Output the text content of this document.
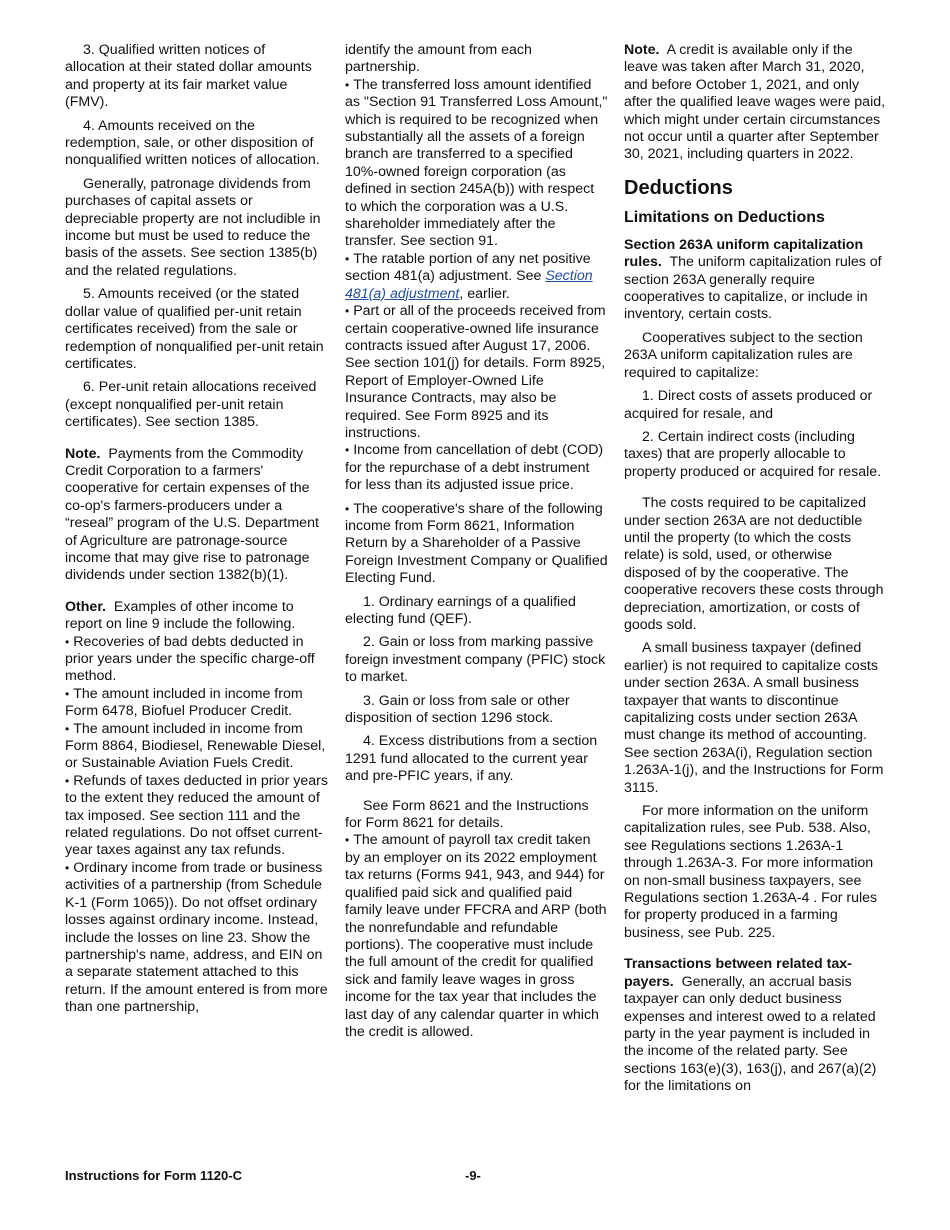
3. Qualified written notices of allocation at their stated dollar amounts and property at its fair market value (FMV).

4. Amounts received on the redemption, sale, or other disposition of nonqualified written notices of allocation.

Generally, patronage dividends from purchases of capital assets or depreciable property are not includible in income but must be used to reduce the basis of the assets. See section 1385(b) and the related regulations.

5. Amounts received (or the stated dollar value of qualified per-unit retain certificates received) from the sale or redemption of nonqualified per-unit retain certificates.

6. Per-unit retain allocations received (except nonqualified per-unit retain certificates). See section 1385.

Note. Payments from the Commodity Credit Corporation to a farmers' cooperative for certain expenses of the co-op's farmers-producers under a “reseal” program of the U.S. Department of Agriculture are patronage-source income that may give rise to patronage dividends under section 1382(b)(1).

Other. Examples of other income to report on line 9 include the following.

• Recoveries of bad debts deducted in prior years under the specific charge-off method.

• The amount included in income from Form 6478, Biofuel Producer Credit.

• The amount included in income from Form 8864, Biodiesel, Renewable Diesel, or Sustainable Aviation Fuels Credit.

• Refunds of taxes deducted in prior years to the extent they reduced the amount of tax imposed. See section 111 and the related regulations. Do not offset current-year taxes against any tax refunds.

• Ordinary income from trade or business activities of a partnership (from Schedule K-1 (Form 1065)). Do not offset ordinary losses against ordinary income. Instead, include the losses on line 23. Show the partnership's name, address, and EIN on a separate statement attached to this return. If the amount entered is from more than one partnership,

identify the amount from each partnership.

• The transferred loss amount identified as "Section 91 Transferred Loss Amount," which is required to be recognized when substantially all the assets of a foreign branch are transferred to a specified 10%-owned foreign corporation (as defined in section 245A(b)) with respect to which the corporation was a U.S. shareholder immediately after the transfer. See section 91.

• The ratable portion of any net positive section 481(a) adjustment. See Section 481(a) adjustment, earlier.

• Part or all of the proceeds received from certain cooperative-owned life insurance contracts issued after August 17, 2006. See section 101(j) for details. Form 8925, Report of Employer-Owned Life Insurance Contracts, may also be required. See Form 8925 and its instructions.

• Income from cancellation of debt (COD) for the repurchase of a debt instrument for less than its adjusted issue price.

• The cooperative's share of the following income from Form 8621, Information Return by a Shareholder of a Passive Foreign Investment Company or Qualified Electing Fund.

1. Ordinary earnings of a qualified electing fund (QEF).

2. Gain or loss from marking passive foreign investment company (PFIC) stock to market.

3. Gain or loss from sale or other disposition of section 1296 stock.

4. Excess distributions from a section 1291 fund allocated to the current year and pre-PFIC years, if any.

See Form 8621 and the Instructions for Form 8621 for details.

• The amount of payroll tax credit taken by an employer on its 2022 employment tax returns (Forms 941, 943, and 944) for qualified paid sick and qualified paid family leave under FFCRA and ARP (both the nonrefundable and refundable portions). The cooperative must include the full amount of the credit for qualified sick and family leave wages in gross income for the tax year that includes the last day of any calendar quarter in which the credit is allowed.

Note. A credit is available only if the leave was taken after March 31, 2020, and before October 1, 2021, and only after the qualified leave wages were paid, which might under certain circumstances not occur until a quarter after September 30, 2021, including quarters in 2022.

Deductions
Limitations on Deductions

Section 263A uniform capitalization rules. The uniform capitalization rules of section 263A generally require cooperatives to capitalize, or include in inventory, certain costs.

Cooperatives subject to the section 263A uniform capitalization rules are required to capitalize:

1. Direct costs of assets produced or acquired for resale, and

2. Certain indirect costs (including taxes) that are properly allocable to property produced or acquired for resale.

The costs required to be capitalized under section 263A are not deductible until the property (to which the costs relate) is sold, used, or otherwise disposed of by the cooperative. The cooperative recovers these costs through depreciation, amortization, or costs of goods sold.

A small business taxpayer (defined earlier) is not required to capitalize costs under section 263A. A small business taxpayer that wants to discontinue capitalizing costs under section 263A must change its method of accounting. See section 263A(i), Regulation section 1.263A-1(j), and the Instructions for Form 3115.

For more information on the uniform capitalization rules, see Pub. 538. Also, see Regulations sections 1.263A-1 through 1.263A-3. For more information on non-small business taxpayers, see Regulations section 1.263A-4 . For rules for property produced in a farming business, see Pub. 225.

Transactions between related taxpayers. Generally, an accrual basis taxpayer can only deduct business expenses and interest owed to a related party in the year payment is included in the income of the related party. See sections 163(e)(3), 163(j), and 267(a)(2) for the limitations on

Instructions for Form 1120-C	-9-
